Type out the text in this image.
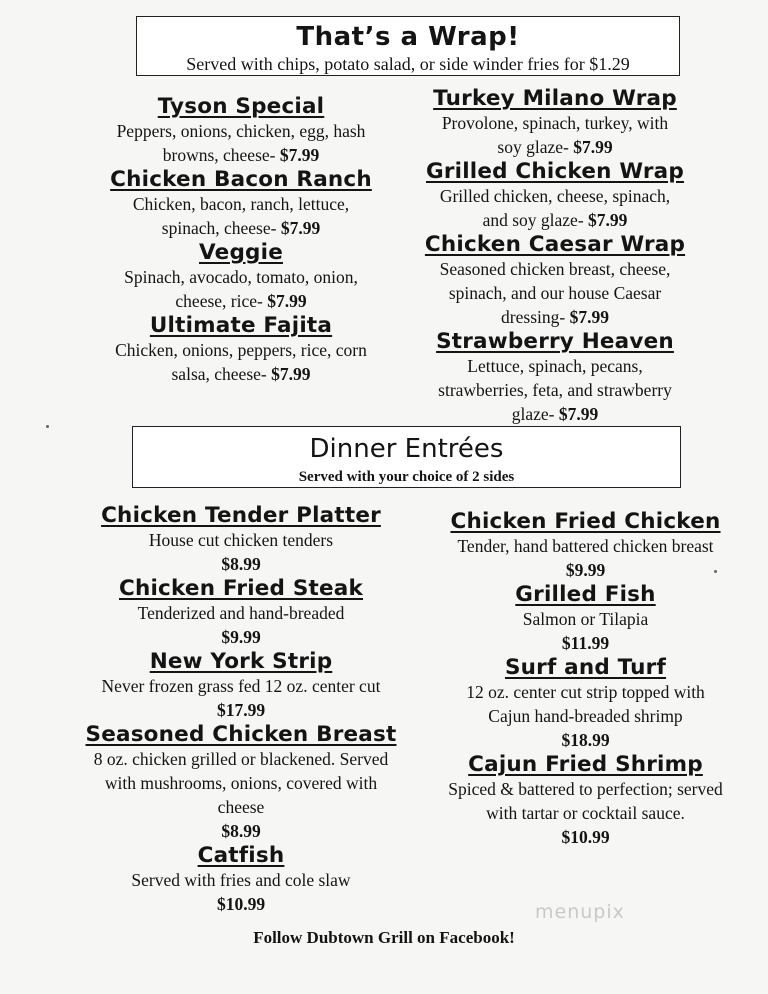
That’s a Wrap!
Served with chips, potato salad, or side winder fries for $1.29
Tyson Special
Peppers, onions, chicken, egg, hash
browns, cheese- $7.99
Chicken Bacon Ranch
Chicken, bacon, ranch, lettuce,
spinach, cheese- $7.99
Veggie
Spinach, avocado, tomato, onion,
cheese, rice- $7.99
Ultimate Fajita
Chicken, onions, peppers, rice, corn
salsa, cheese- $7.99
Turkey Milano Wrap
Provolone, spinach, turkey, with
soy glaze- $7.99
Grilled Chicken Wrap
Grilled chicken, cheese, spinach,
and soy glaze- $7.99
Chicken Caesar Wrap
Seasoned chicken breast, cheese,
spinach, and our house Caesar
dressing- $7.99
Strawberry Heaven
Lettuce, spinach, pecans,
strawberries, feta, and strawberry
glaze- $7.99
Dinner Entrées
Served with your choice of 2 sides
Chicken Tender Platter
House cut chicken tenders
$8.99
Chicken Fried Steak
Tenderized and hand-breaded
$9.99
New York Strip
Never frozen grass fed 12 oz. center cut
$17.99
Seasoned Chicken Breast
8 oz. chicken grilled or blackened. Served
with mushrooms, onions, covered with
cheese
$8.99
Catfish
Served with fries and cole slaw
$10.99
Chicken Fried Chicken
Tender, hand battered chicken breast
$9.99
Grilled Fish
Salmon or Tilapia
$11.99
Surf and Turf
12 oz. center cut strip topped with
Cajun hand-breaded shrimp
$18.99
Cajun Fried Shrimp
Spiced & battered to perfection; served
with tartar or cocktail sauce.
$10.99
Follow Dubtown Grill on Facebook!
menupix
